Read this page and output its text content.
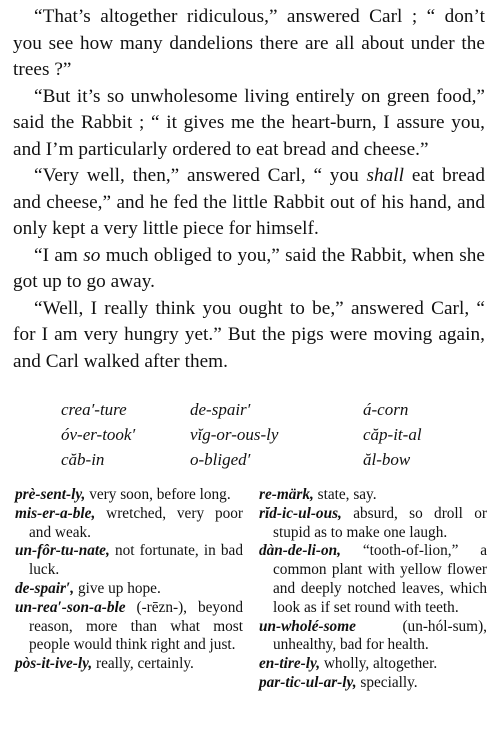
“That’s altogether ridiculous,” answered Carl ; “ don’t you see how many dandelions there are all about under the trees ?”

“But it’s so unwholesome living entirely on green food,” said the Rabbit ; “ it gives me the heart-burn, I assure you, and I’m particularly ordered to eat bread and cheese.”

“Very well, then,” answered Carl, “ you shall eat bread and cheese,” and he fed the little Rabbit out of his hand, and only kept a very little piece for himself.

“I am so much obliged to you,” said the Rabbit, when she got up to go away.

“Well, I really think you ought to be,” answered Carl, “ for I am very hungry yet.” But the pigs were moving again, and Carl walked after them.

crea′-ture	de-spair′	á-corn
óv-er-took′	vĭg-or-ous-ly	căp-it-al
căb-in	o-bliged′	ăl-bow

prè-sent-ly, very soon, before long.

mis-er-a-ble, wretched, very poor and weak.

un-fôr-tu-nate, not fortunate, in bad luck.

de-spair′, give up hope.

un-rea′-son-a-ble (-rēzn-), beyond reason, more than what most people would think right and just.

pòs-it-ive-ly, really, certainly.

re-märk, state, say.

rĭd-ic-ul-ous, absurd, so droll or stupid as to make one laugh.

dàn-de-li-on, “tooth-of-lion,” a common plant with yellow flower and deeply notched leaves, which look as if set round with teeth.

un-wholé-some (un-hól-sum), unhealthy, bad for health.

en-tire-ly, wholly, altogether.

par-tic-ul-ar-ly, specially.
